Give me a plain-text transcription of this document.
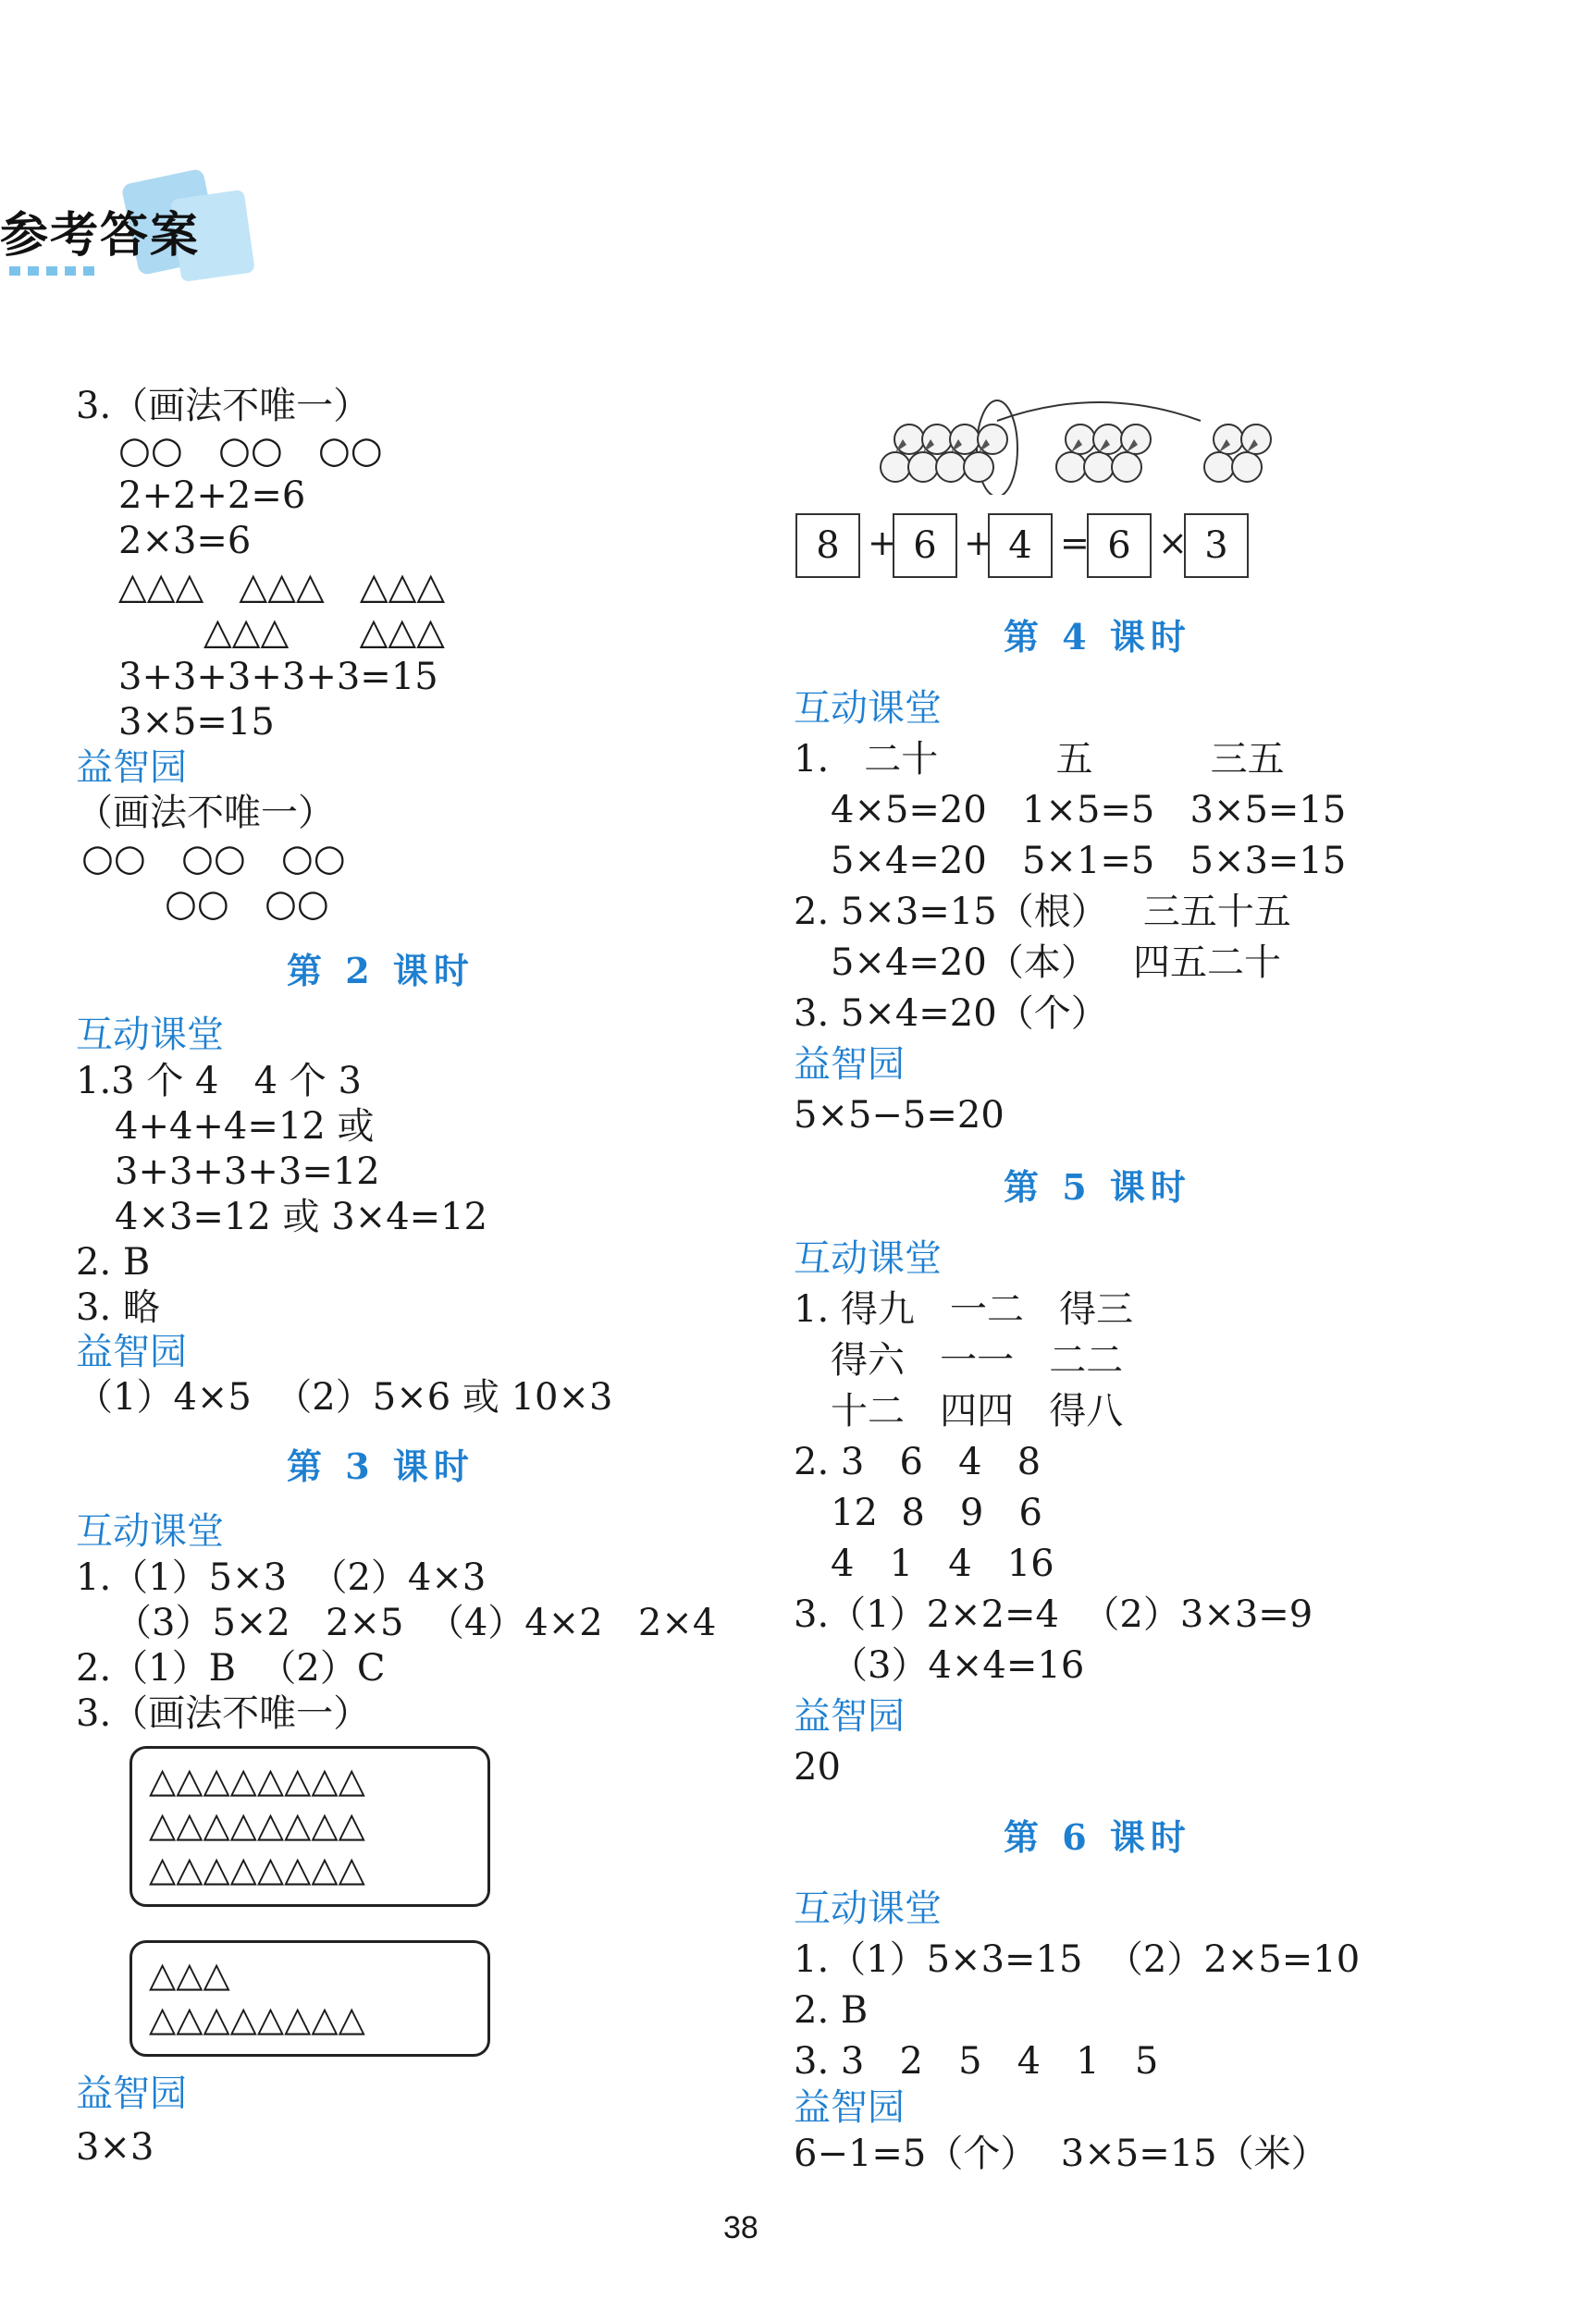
参考答案
3.（画法不唯一）
○○   ○○   ○○
2+2+2=6
2×3=6
△△△   △△△   △△△
△△△      △△△
3+3+3+3+3=15
3×5=15
益智园
（画法不唯一）
○○   ○○   ○○
○○   ○○
第 2 课时
互动课堂
1.3 个 4   4 个 3
4+4+4=12 或
3+3+3+3=12
4×3=12 或 3×4=12
2. B
3. 略
益智园
（1）4×5  （2）5×6 或 10×3
第 3 课时
互动课堂
1.（1）5×3  （2）4×3
（3）5×2   2×5  （4）4×2   2×4
2.（1）B  （2）C
3.（画法不唯一）
△△△△△△△△
△△△△△△△△
△△△△△△△△
△△△
△△△△△△△△
益智园
3×3
8 + 6 + 4 = 6 × 3
第 4 课时
互动课堂
1.   二十          五          三五
4×5=20   1×5=5   3×5=15
5×4=20   5×1=5   5×3=15
2. 5×3=15（根）   三五十五
5×4=20（本）   四五二十
3. 5×4=20（个）
益智园
5×5−5=20
第 5 课时
互动课堂
1. 得九   一二   得三
得六   一一   二二
十二   四四   得八
2. 3   6   4   8
12  8   9   6
4   1   4   16
3.（1）2×2=4  （2）3×3=9
（3）4×4=16
益智园
20
第 6 课时
互动课堂
1.（1）5×3=15  （2）2×5=10
2. B
3. 3   2   5   4   1   5
益智园
6−1=5（个）  3×5=15（米）
38
